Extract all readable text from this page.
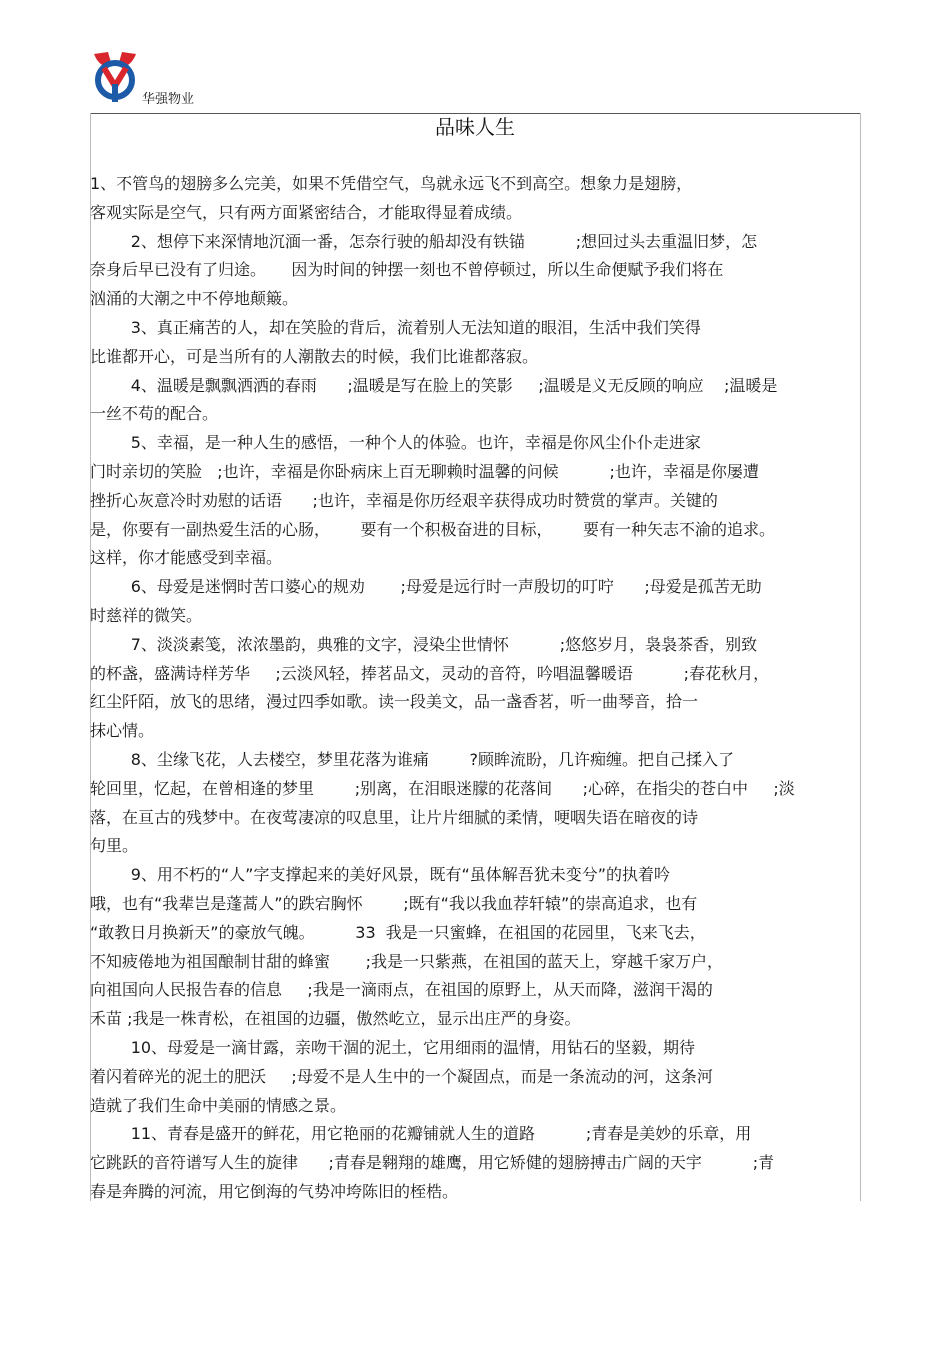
华强物业
品味人生

1、不管鸟的翅膀多么完美，如果不凭借空气，鸟就永远飞不到高空。想象力是翅膀，
客观实际是空气，只有两方面紧密结合，才能取得显着成绩。

2、想停下来深情地沉湎一番，怎奈行驶的船却没有铁锚          ;想回过头去重温旧梦，怎
奈身后早已没有了归途。     因为时间的钟摆一刻也不曾停顿过，所以生命便赋予我们将在
汹涌的大潮之中不停地颠簸。

3、真正痛苦的人，却在笑脸的背后，流着别人无法知道的眼泪，生活中我们笑得
比谁都开心，可是当所有的人潮散去的时候，我们比谁都落寂。

4、温暖是飘飘洒洒的春雨      ;温暖是写在脸上的笑影     ;温暖是义无反顾的响应    ;温暖是
一丝不苟的配合。

5、幸福，是一种人生的感悟，一种个人的体验。也许，幸福是你风尘仆仆走进家
门时亲切的笑脸   ;也许，幸福是你卧病床上百无聊赖时温馨的问候          ;也许，幸福是你屡遭
挫折心灰意冷时劝慰的话语      ;也许，幸福是你历经艰辛获得成功时赞赏的掌声。关键的
是，你要有一副热爱生活的心肠，      要有一个积极奋进的目标，      要有一种矢志不渝的追求。
这样，你才能感受到幸福。

6、母爱是迷惘时苦口婆心的规劝       ;母爱是远行时一声殷切的叮咛      ;母爱是孤苦无助
时慈祥的微笑。

7、淡淡素笺，浓浓墨韵，典雅的文字，浸染尘世情怀          ;悠悠岁月，袅袅茶香，别致
的杯盏，盛满诗样芳华     ;云淡风轻，捧茗品文，灵动的音符，吟唱温馨暖语          ;春花秋月，
红尘阡陌，放飞的思绪，漫过四季如歌。读一段美文，品一盏香茗，听一曲琴音，拾一
抹心情。

8、尘缘飞花，人去楼空，梦里花落为谁痛        ?顾眸流盼，几许痴缠。把自己揉入了
轮回里，忆起，在曾相逢的梦里        ;别离，在泪眼迷朦的花落间      ;心碎，在指尖的苍白中     ;淡
落，在亘古的残梦中。在夜莺凄凉的叹息里，让片片细腻的柔情，哽咽失语在暗夜的诗
句里。

9、用不朽的“人”字支撑起来的美好风景，既有“虽体解吾犹未变兮”的执着吟
哦，也有“我辈岂是蓬蒿人”的跌宕胸怀        ;既有“我以我血荐轩辕”的崇高追求，也有
“敢教日月换新天”的豪放气魄。        33  我是一只蜜蜂，在祖国的花园里，飞来飞去，
不知疲倦地为祖国酿制甘甜的蜂蜜       ;我是一只紫燕，在祖国的蓝天上，穿越千家万户，
向祖国向人民报告春的信息     ;我是一滴雨点，在祖国的原野上，从天而降，滋润干渴的
禾苗 ;我是一株青松，在祖国的边疆，傲然屹立，显示出庄严的身姿。

10、母爱是一滴甘露，亲吻干涸的泥土，它用细雨的温情，用钻石的坚毅，期待
着闪着碎光的泥土的肥沃     ;母爱不是人生中的一个凝固点，而是一条流动的河，这条河
造就了我们生命中美丽的情感之景。

11、青春是盛开的鲜花，用它艳丽的花瓣铺就人生的道路          ;青春是美妙的乐章，用
它跳跃的音符谱写人生的旋律      ;青春是翱翔的雄鹰，用它矫健的翅膀搏击广阔的天宇          ;青
春是奔腾的河流，用它倒海的气势冲垮陈旧的桎梏。
